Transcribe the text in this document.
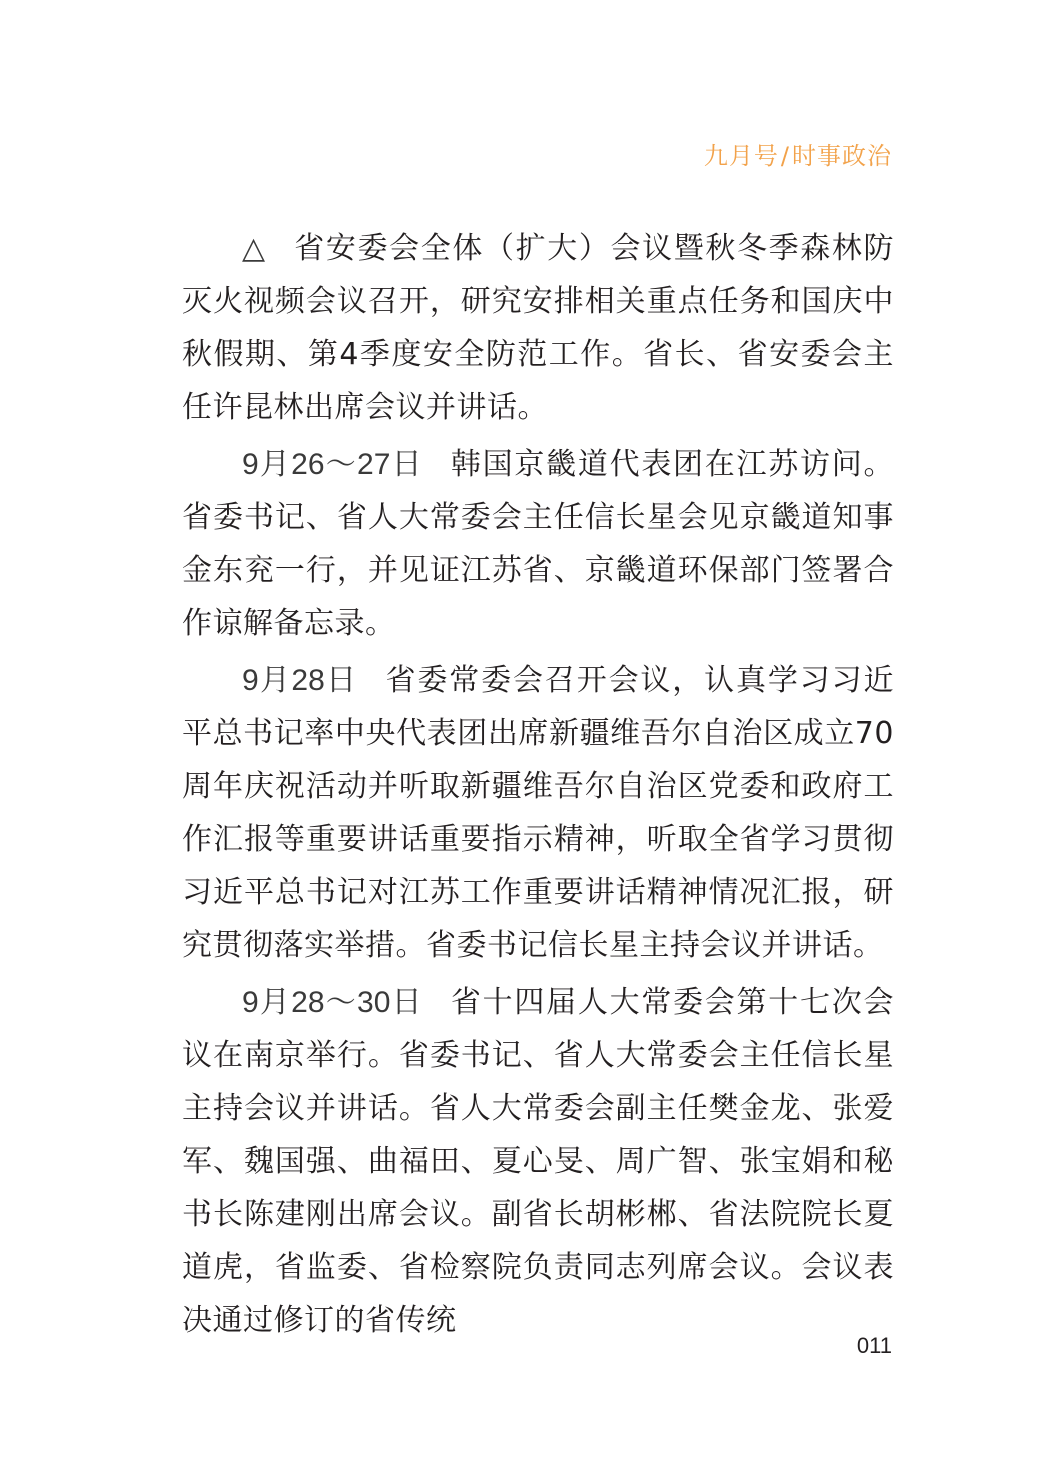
九月号/时事政治

△ 省安委会全体（扩大）会议暨秋冬季森林防灭火视频会议召开，研究安排相关重点任务和国庆中秋假期、第4季度安全防范工作。省长、省安委会主任许昆林出席会议并讲话。

9月26～27日 韩国京畿道代表团在江苏访问。省委书记、省人大常委会主任信长星会见京畿道知事金东兖一行，并见证江苏省、京畿道环保部门签署合作谅解备忘录。

9月28日 省委常委会召开会议，认真学习习近平总书记率中央代表团出席新疆维吾尔自治区成立70周年庆祝活动并听取新疆维吾尔自治区党委和政府工作汇报等重要讲话重要指示精神，听取全省学习贯彻习近平总书记对江苏工作重要讲话精神情况汇报，研究贯彻落实举措。省委书记信长星主持会议并讲话。

9月28～30日 省十四届人大常委会第十七次会议在南京举行。省委书记、省人大常委会主任信长星主持会议并讲话。省人大常委会副主任樊金龙、张爱军、魏国强、曲福田、夏心旻、周广智、张宝娟和秘书长陈建刚出席会议。副省长胡彬郴、省法院院长夏道虎，省监委、省检察院负责同志列席会议。会议表决通过修订的省传统

011
